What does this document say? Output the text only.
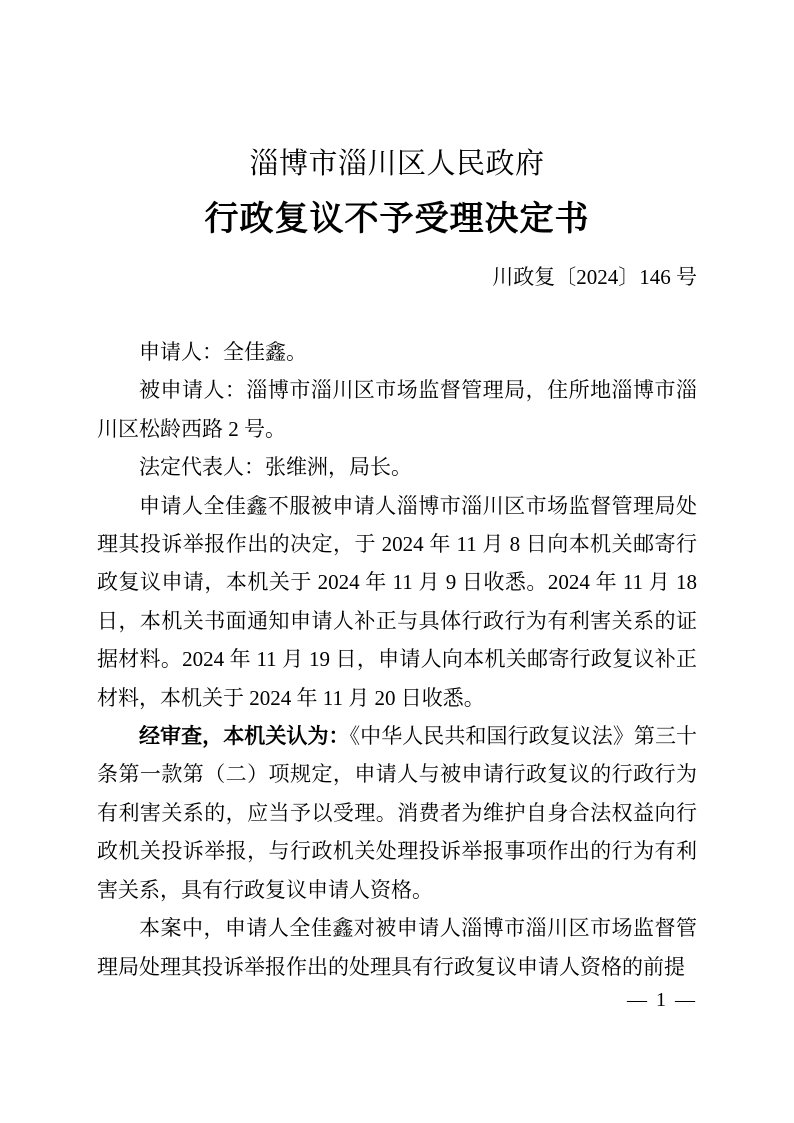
淄博市淄川区人民政府
行政复议不予受理决定书
川政复〔2024〕146 号

申请人：全佳鑫。

被申请人：淄博市淄川区市场监督管理局，住所地淄博市淄川区松龄西路 2 号。

法定代表人：张维洲，局长。

申请人全佳鑫不服被申请人淄博市淄川区市场监督管理局处理其投诉举报作出的决定，于 2024 年 11 月 8 日向本机关邮寄行政复议申请，本机关于 2024 年 11 月 9 日收悉。2024 年 11 月 18 日，本机关书面通知申请人补正与具体行政行为有利害关系的证据材料。2024 年 11 月 19 日，申请人向本机关邮寄行政复议补正材料，本机关于 2024 年 11 月 20 日收悉。

经审查，本机关认为：《中华人民共和国行政复议法》第三十条第一款第（二）项规定，申请人与被申请行政复议的行政行为有利害关系的，应当予以受理。消费者为维护自身合法权益向行政机关投诉举报，与行政机关处理投诉举报事项作出的行为有利害关系，具有行政复议申请人资格。

本案中，申请人全佳鑫对被申请人淄博市淄川区市场监督管理局处理其投诉举报作出的处理具有行政复议申请人资格的前提

— 1 —
